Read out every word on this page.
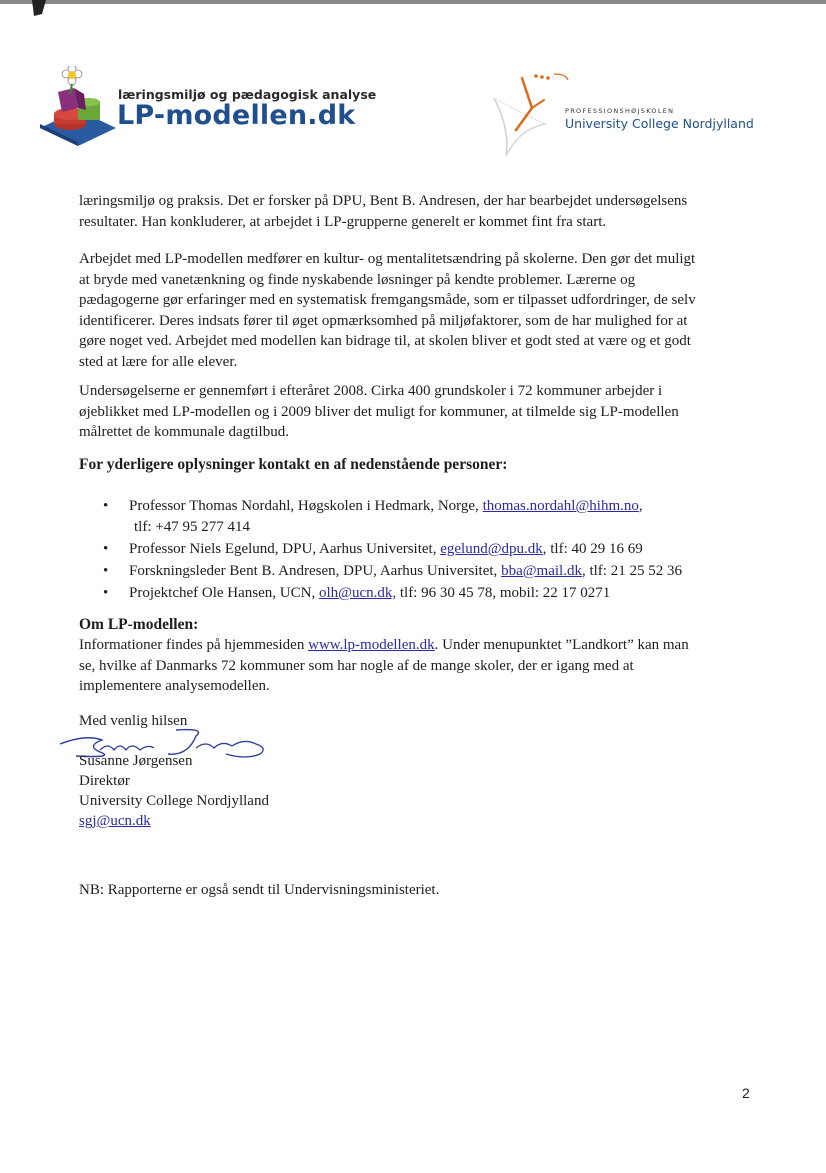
læringsmiljø og pædagogisk analyse
LP-modellen.dk	PROFESSIONSHØJSKOLEN
University College Nordjylland

læringsmiljø og praksis. Det er forsker på DPU, Bent B. Andresen, der har bearbejdet undersøgelsens
resultater. Han konkluderer, at arbejdet i LP-grupperne generelt er kommet fint fra start.

Arbejdet med LP-modellen medfører en kultur- og mentalitetsændring på skolerne. Den gør det muligt
at bryde med vanetænkning og finde nyskabende løsninger på kendte problemer. Lærerne og
pædagogerne gør erfaringer med en systematisk fremgangsmåde, som er tilpasset udfordringer, de selv
identificerer. Deres indsats fører til øget opmærksomhed på miljøfaktorer, som de har mulighed for at
gøre noget ved. Arbejdet med modellen kan bidrage til, at skolen bliver et godt sted at være og et godt
sted at lære for alle elever.

Undersøgelserne er gennemført i efteråret 2008. Cirka 400 grundskoler i 72 kommuner arbejder i
øjeblikket med LP-modellen og i 2009 bliver det muligt for kommuner, at tilmelde sig LP-modellen
målrettet de kommunale dagtilbud.

For yderligere oplysninger kontakt en af nedenstående personer:

• Professor Thomas Nordahl, Høgskolen i Hedmark, Norge, thomas.nordahl@hihm.no,
tlf: +47 95 277 414
• Professor Niels Egelund, DPU, Aarhus Universitet, egelund@dpu.dk, tlf: 40 29 16 69
• Forskningsleder Bent B. Andresen, DPU, Aarhus Universitet, bba@mail.dk, tlf: 21 25 52 36
• Projektchef Ole Hansen, UCN, olh@ucn.dk, tlf: 96 30 45 78, mobil: 22 17 0271

Om LP-modellen:

Informationer findes på hjemmesiden www.lp-modellen.dk. Under menupunktet ”Landkort” kan man
se, hvilke af Danmarks 72 kommuner som har nogle af de mange skoler, der er igang med at
implementere analysemodellen.

Med venlig hilsen

Susanne Jørgensen

Direktør

University College Nordjylland

sgj@ucn.dk

NB: Rapporterne er også sendt til Undervisningsministeriet.

2
